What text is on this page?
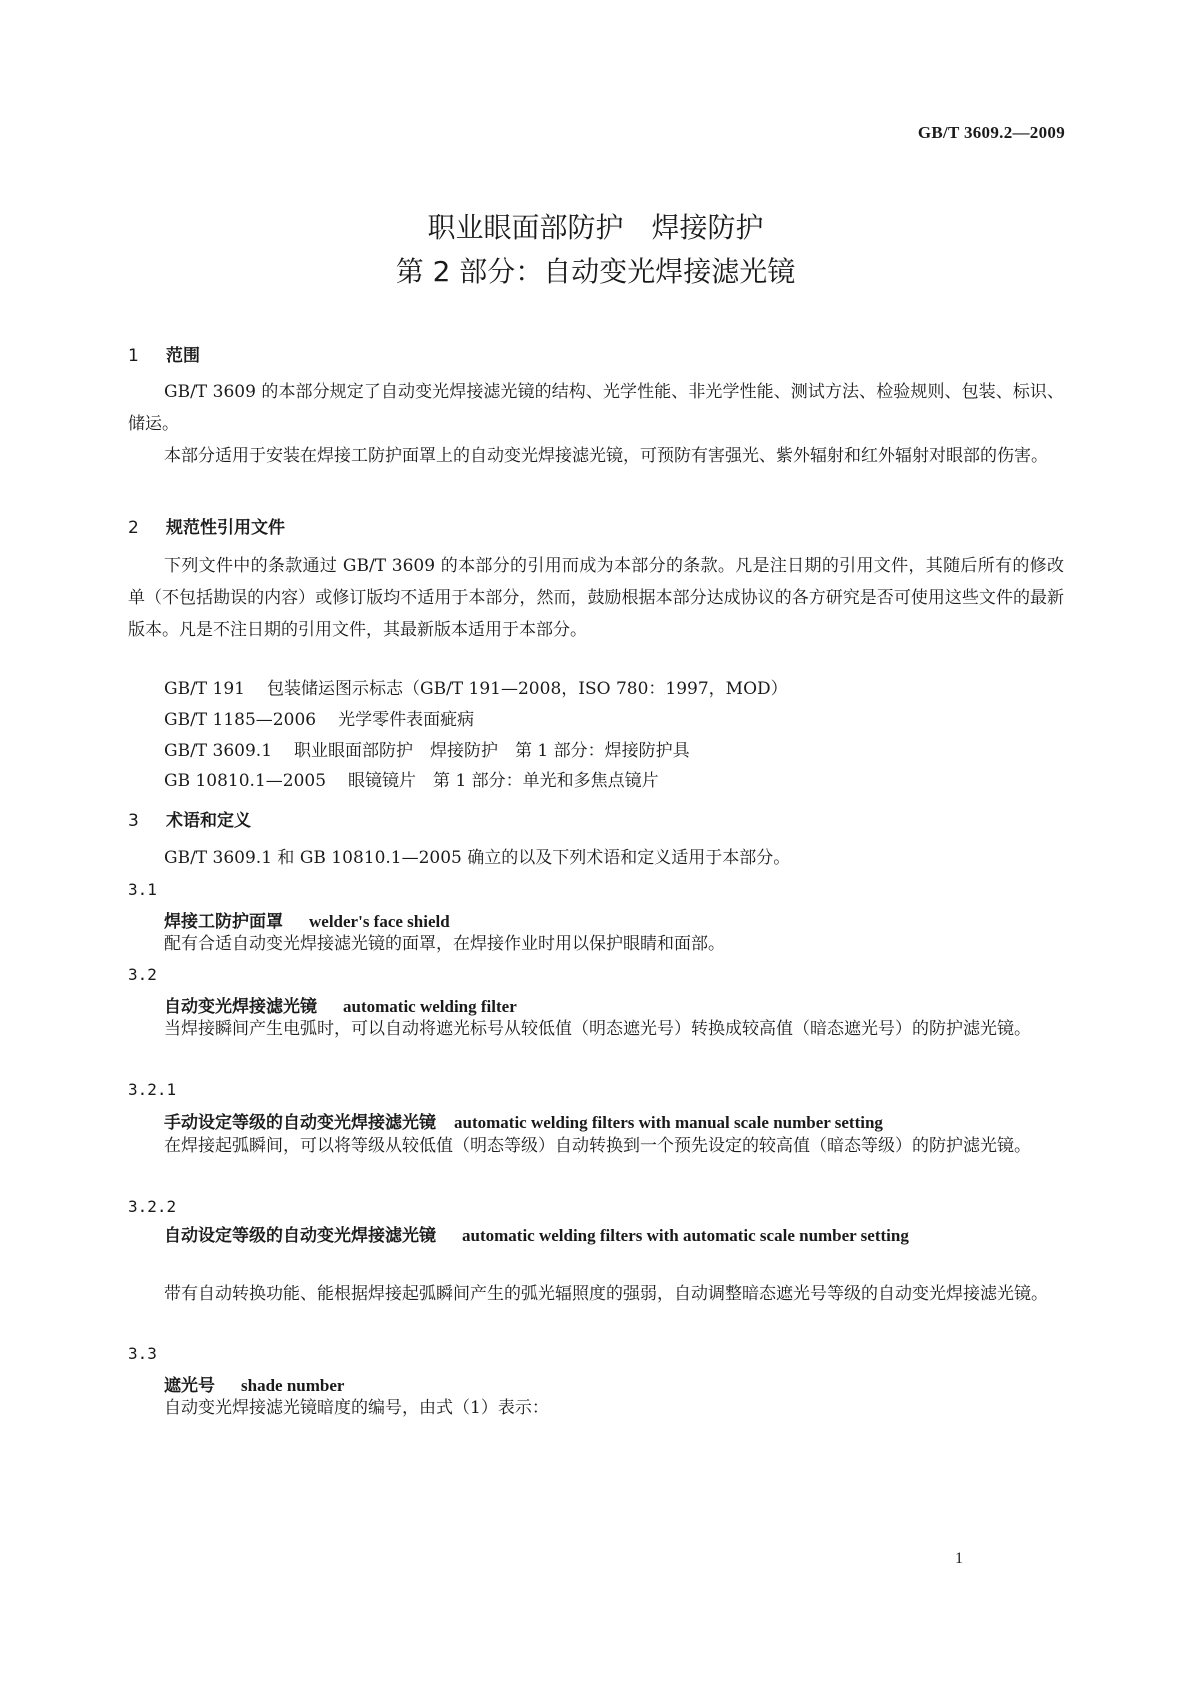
GB/T 3609.2—2009
职业眼面部防护　焊接防护
第 2 部分：自动变光焊接滤光镜
1 范围

GB/T 3609 的本部分规定了自动变光焊接滤光镜的结构、光学性能、非光学性能、测试方法、检验规则、包装、标识、储运。

本部分适用于安装在焊接工防护面罩上的自动变光焊接滤光镜，可预防有害强光、紫外辐射和红外辐射对眼部的伤害。

2 规范性引用文件

下列文件中的条款通过 GB/T 3609 的本部分的引用而成为本部分的条款。凡是注日期的引用文件，其随后所有的修改单（不包括勘误的内容）或修订版均不适用于本部分，然而，鼓励根据本部分达成协议的各方研究是否可使用这些文件的最新版本。凡是不注日期的引用文件，其最新版本适用于本部分。

GB/T 191 包装储运图示标志（GB/T 191—2008，ISO 780：1997，MOD）
GB/T 1185—2006 光学零件表面疵病
GB/T 3609.1 职业眼面部防护　焊接防护　第 1 部分：焊接防护具
GB 10810.1—2005 眼镜镜片　第 1 部分：单光和多焦点镜片
3 术语和定义

GB/T 3609.1 和 GB 10810.1—2005 确立的以及下列术语和定义适用于本部分。

3.1
焊接工防护面罩 welder's face shield

配有合适自动变光焊接滤光镜的面罩，在焊接作业时用以保护眼睛和面部。

3.2
自动变光焊接滤光镜 automatic welding filter

当焊接瞬间产生电弧时，可以自动将遮光标号从较低值（明态遮光号）转换成较高值（暗态遮光号）的防护滤光镜。

3.2.1
手动设定等级的自动变光焊接滤光镜 automatic welding filters with manual scale number setting

在焊接起弧瞬间，可以将等级从较低值（明态等级）自动转换到一个预先设定的较高值（暗态等级）的防护滤光镜。

3.2.2
自动设定等级的自动变光焊接滤光镜 automatic welding filters with automatic scale number setting

带有自动转换功能、能根据焊接起弧瞬间产生的弧光辐照度的强弱，自动调整暗态遮光号等级的自动变光焊接滤光镜。

3.3
遮光号 shade number

自动变光焊接滤光镜暗度的编号，由式（1）表示：

1
